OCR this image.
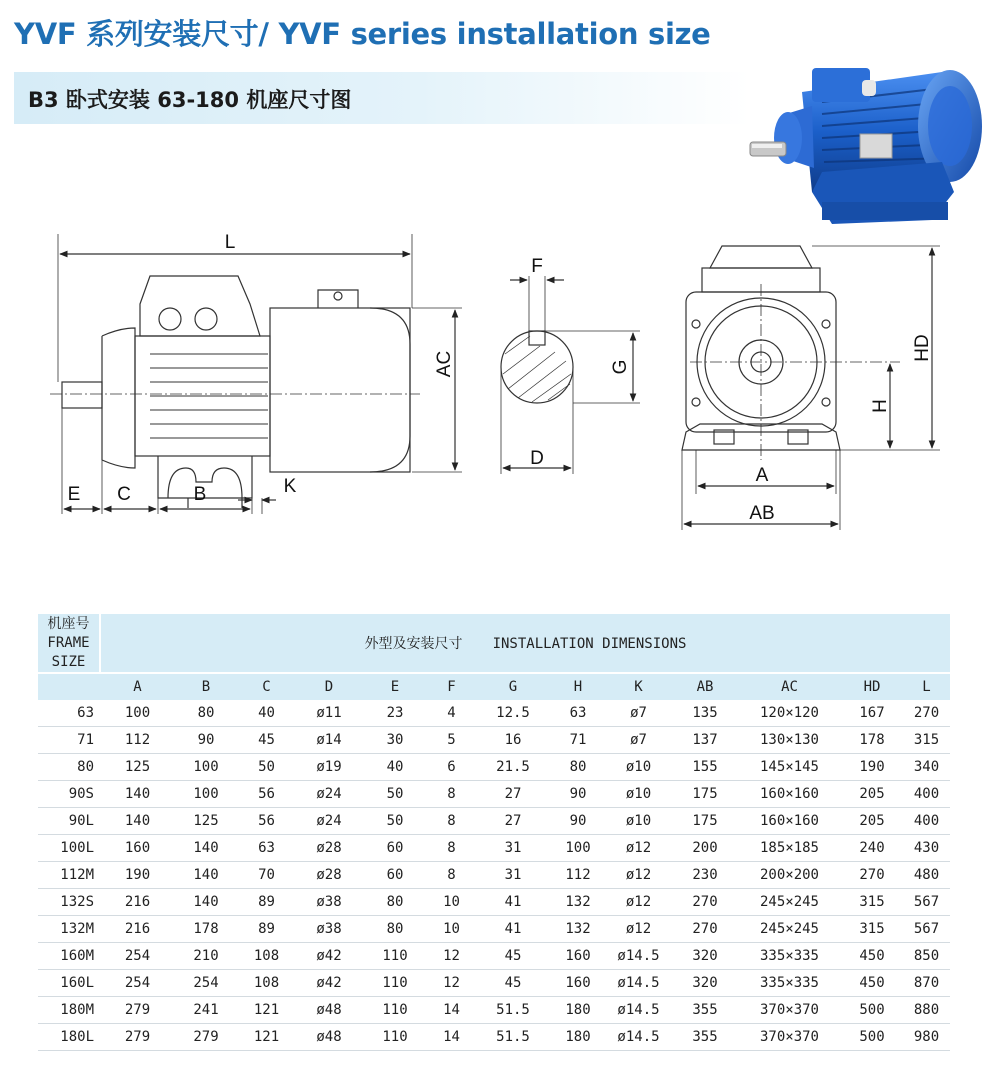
YVF 系列安装尺寸/ YVF series installation size
B3 卧式安装 63-180 机座尺寸图
L
AC
E C	B	K
F
G
D
HD
H
A
AB
机座号
FRAME SIZE	外型及安装尺寸 INSTALLATION DIMENSIONS												
	A	B	C	D	E	F	G	H	K	AB	AC	HD	L
63	100	80	40	ø11	23	4	12.5	63	ø7	135	120×120	167	270
71	112	90	45	ø14	30	5	16	71	ø7	137	130×130	178	315
80	125	100	50	ø19	40	6	21.5	80	ø10	155	145×145	190	340
90S	140	100	56	ø24	50	8	27	90	ø10	175	160×160	205	400
90L	140	125	56	ø24	50	8	27	90	ø10	175	160×160	205	400
100L	160	140	63	ø28	60	8	31	100	ø12	200	185×185	240	430
112M	190	140	70	ø28	60	8	31	112	ø12	230	200×200	270	480
132S	216	140	89	ø38	80	10	41	132	ø12	270	245×245	315	567
132M	216	178	89	ø38	80	10	41	132	ø12	270	245×245	315	567
160M	254	210	108	ø42	110	12	45	160	ø14.5	320	335×335	450	850
160L	254	254	108	ø42	110	12	45	160	ø14.5	320	335×335	450	870
180M	279	241	121	ø48	110	14	51.5	180	ø14.5	355	370×370	500	880
180L	279	279	121	ø48	110	14	51.5	180	ø14.5	355	370×370	500	980
